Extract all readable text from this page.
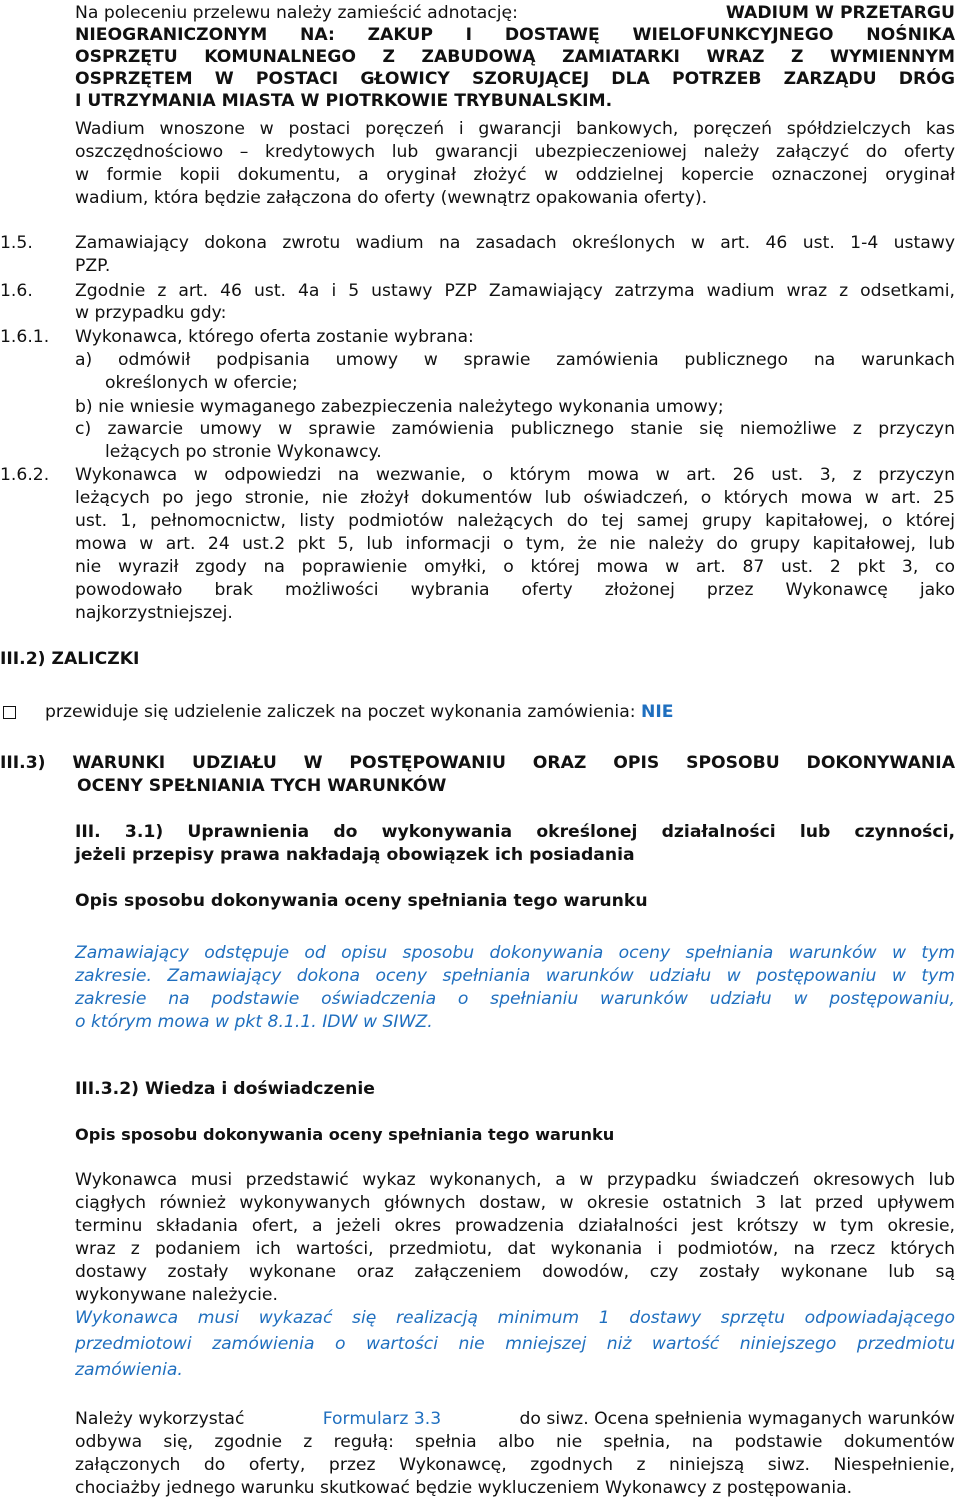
Na poleceniu przelewu należy zamieścić adnotację:	WADIUM W PRZETARGU
NIEOGRANICZONYM NA: ZAKUP I DOSTAWĘ WIELOFUNKCYJNEGO NOŚNIKA
OSPRZĘTU KOMUNALNEGO Z ZABUDOWĄ ZAMIATARKI WRAZ Z WYMIENNYM
OSPRZĘTEM W POSTACI GŁOWICY SZORUJĄCEJ DLA POTRZEB ZARZĄDU DRÓG
I UTRZYMANIA MIASTA W PIOTRKOWIE TRYBUNALSKIM.
Wadium wnoszone w postaci poręczeń i gwarancji bankowych, poręczeń spółdzielczych kas
oszczędnościowo – kredytowych lub gwarancji ubezpieczeniowej należy załączyć do oferty
w formie kopii dokumentu, a oryginał złożyć w oddzielnej kopercie oznaczonej oryginał
wadium, która będzie załączona do oferty (wewnątrz opakowania oferty).
1.5. Zamawiający dokona zwrotu wadium na zasadach określonych w art. 46 ust. 1-4 ustawy
PZP.
1.6. Zgodnie z art. 46 ust. 4a i 5 ustawy PZP Zamawiający zatrzyma wadium wraz z odsetkami,
w przypadku gdy:
1.6.1. Wykonawca, którego oferta zostanie wybrana:
a) odmówił podpisania umowy w sprawie zamówienia publicznego na warunkach
określonych w ofercie;
b) nie wniesie wymaganego zabezpieczenia należytego wykonania umowy;
c) zawarcie umowy w sprawie zamówienia publicznego stanie się niemożliwe z przyczyn
leżących po stronie Wykonawcy.
1.6.2. Wykonawca w odpowiedzi na wezwanie, o którym mowa w art. 26 ust. 3, z przyczyn
leżących po jego stronie, nie złożył dokumentów lub oświadczeń, o których mowa w art. 25
ust. 1, pełnomocnictw, listy podmiotów należących do tej samej grupy kapitałowej, o której
mowa w art. 24 ust.2 pkt 5, lub informacji o tym, że nie należy do grupy kapitałowej, lub
nie wyraził zgody na poprawienie omyłki, o której mowa w art. 87 ust. 2 pkt 3, co
powodowało brak możliwości wybrania oferty złożonej przez Wykonawcę jako
najkorzystniejszej.
III.2) ZALICZKI
przewiduje się udzielenie zaliczek na poczet wykonania zamówienia: NIE
III.3) WARUNKI UDZIAŁU W POSTĘPOWANIU ORAZ OPIS SPOSOBU DOKONYWANIA
OCENY SPEŁNIANIA TYCH WARUNKÓW
III. 3.1) Uprawnienia do wykonywania określonej działalności lub czynności,
jeżeli przepisy prawa nakładają obowiązek ich posiadania
Opis sposobu dokonywania oceny spełniania tego warunku
Zamawiający odstępuje od opisu sposobu dokonywania oceny spełniania warunków w tym
zakresie. Zamawiający dokona oceny spełniania warunków udziału w postępowaniu w tym
zakresie na podstawie oświadczenia o spełnianiu warunków udziału w postępowaniu,
o którym mowa w pkt 8.1.1. IDW w SIWZ.
III.3.2) Wiedza i doświadczenie
Opis sposobu dokonywania oceny spełniania tego warunku
Wykonawca musi przedstawić wykaz wykonanych, a w przypadku świadczeń okresowych lub
ciągłych również wykonywanych głównych dostaw, w okresie ostatnich 3 lat przed upływem
terminu składania ofert, a jeżeli okres prowadzenia działalności jest krótszy w tym okresie,
wraz z podaniem ich wartości, przedmiotu, dat wykonania i podmiotów, na rzecz których
dostawy zostały wykonane oraz załączeniem dowodów, czy zostały wykonane lub są
wykonywane należycie.
Wykonawca musi wykazać się realizacją minimum 1 dostawy sprzętu odpowiadającego
przedmiotowi zamówienia o wartości nie mniejszej niż wartość niniejszego przedmiotu
zamówienia.
Należy wykorzystać	Formularz 3.3	do siwz. Ocena spełnienia wymaganych warunków
odbywa się, zgodnie z regułą: spełnia albo nie spełnia, na podstawie dokumentów
załączonych do oferty, przez Wykonawcę, zgodnych z niniejszą siwz. Niespełnienie,
chociażby jednego warunku skutkować będzie wykluczeniem Wykonawcy z postępowania.
